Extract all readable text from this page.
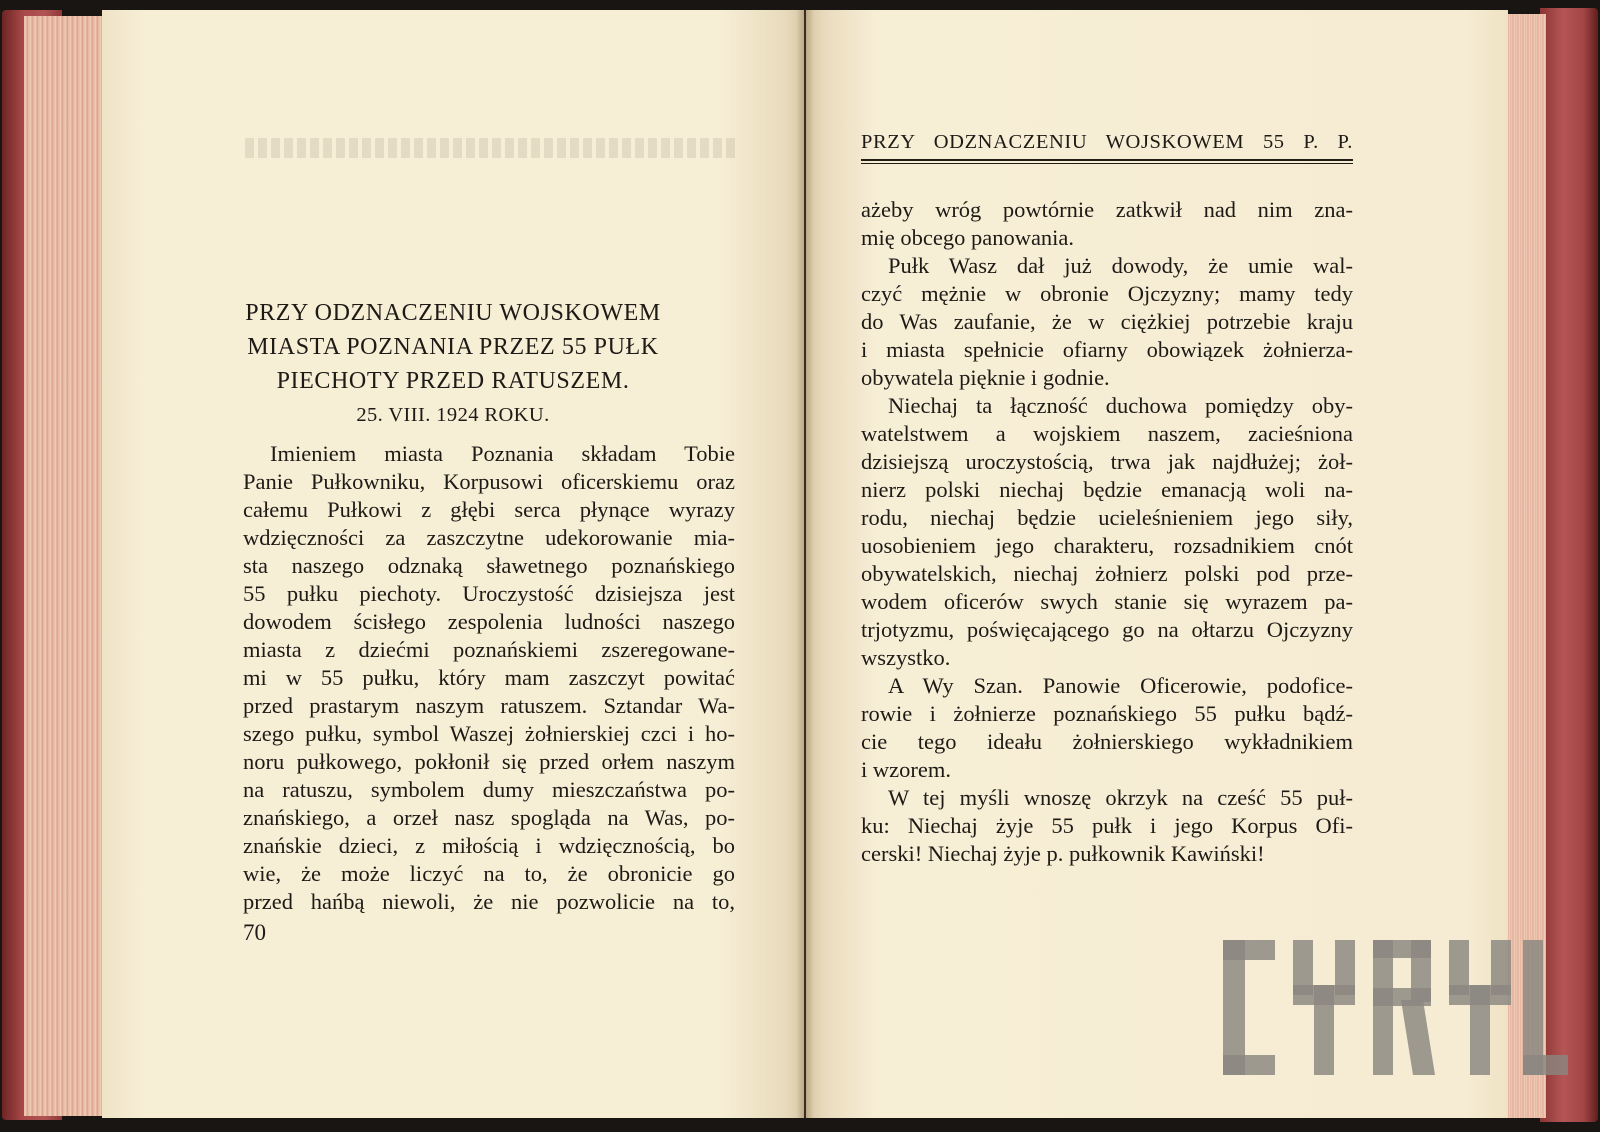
PRZY ODZNACZENIU WOJSKOWEM
MIASTA POZNANIA PRZEZ 55 PUŁK
PIECHOTY PRZED RATUSZEM.
25. VIII. 1924 ROKU.
Imieniem miasta Poznania składam Tobie
Panie Pułkowniku, Korpusowi oficerskiemu oraz
całemu Pułkowi z głębi serca płynące wyrazy
wdzięczności za zaszczytne udekorowanie mia-
sta naszego odznaką sławetnego poznańskiego
55 pułku piechoty. Uroczystość dzisiejsza jest
dowodem ścisłego zespolenia ludności naszego
miasta z dziećmi poznańskiemi zszeregowane-
mi w 55 pułku, który mam zaszczyt powitać
przed prastarym naszym ratuszem. Sztandar Wa-
szego pułku, symbol Waszej żołnierskiej czci i ho-
noru pułkowego, pokłonił się przed orłem naszym
na ratuszu, symbolem dumy mieszczaństwa po-
znańskiego, a orzeł nasz spogląda na Was, po-
znańskie dzieci, z miłością i wdzięcznością, bo
wie, że może liczyć na to, że obronicie go
przed hańbą niewoli, że nie pozwolicie na to,
70
PRZY ODZNACZENIU WOJSKOWEM 55 P. P.
ażeby wróg powtórnie zatkwił nad nim zna-
mię obcego panowania.
Pułk Wasz dał już dowody, że umie wal-
czyć mężnie w obronie Ojczyzny; mamy tedy
do Was zaufanie, że w ciężkiej potrzebie kraju
i miasta spełnicie ofiarny obowiązek żołnierza-
obywatela pięknie i godnie.
Niechaj ta łączność duchowa pomiędzy oby-
watelstwem a wojskiem naszem, zacieśniona
dzisiejszą uroczystością, trwa jak najdłużej; żoł-
nierz polski niechaj będzie emanacją woli na-
rodu, niechaj będzie ucieleśnieniem jego siły,
uosobieniem jego charakteru, rozsadnikiem cnót
obywatelskich, niechaj żołnierz polski pod prze-
wodem oficerów swych stanie się wyrazem pa-
trjotyzmu, poświęcającego go na ołtarzu Ojczyzny
wszystko.
A Wy Szan. Panowie Oficerowie, podofice-
rowie i żołnierze poznańskiego 55 pułku bądź-
cie tego ideału żołnierskiego wykładnikiem
i wzorem.
W tej myśli wnoszę okrzyk na cześć 55 puł-
ku: Niechaj żyje 55 pułk i jego Korpus Ofi-
cerski! Niechaj żyje p. pułkownik Kawiński!
